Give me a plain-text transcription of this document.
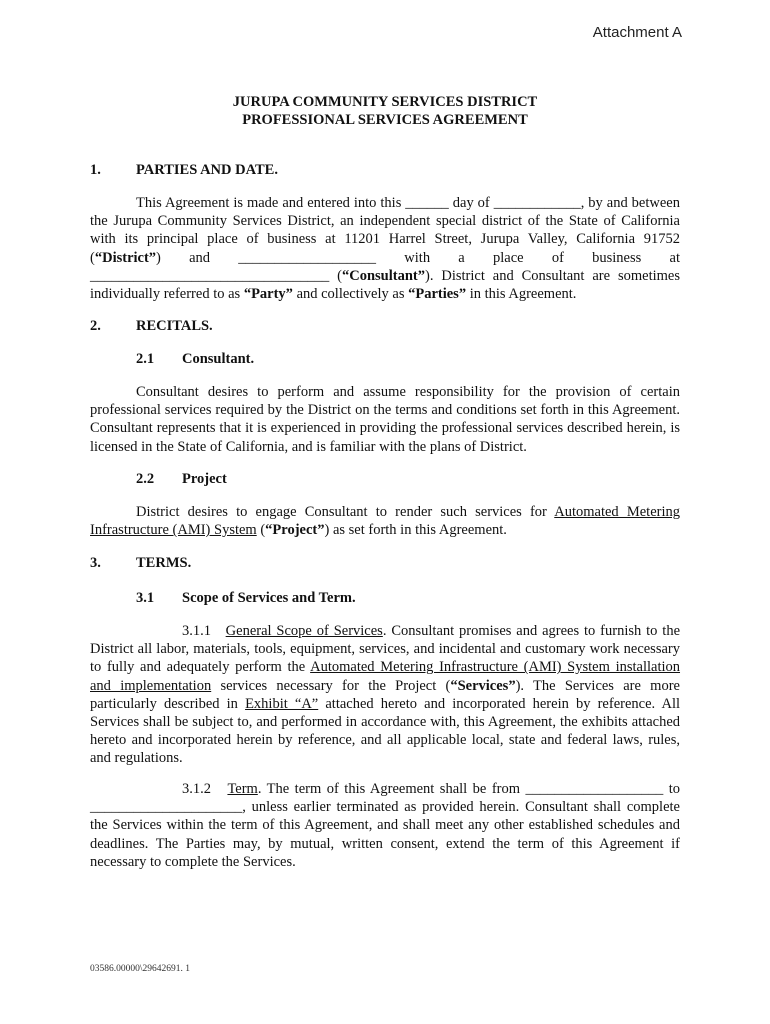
Attachment A
JURUPA COMMUNITY SERVICES DISTRICT
PROFESSIONAL SERVICES AGREEMENT
1. PARTIES AND DATE.

This Agreement is made and entered into this ______ day of ____________, by and between the Jurupa Community Services District, an independent special district of the State of California with its principal place of business at 11201 Harrel Street, Jurupa Valley, California 91752 (“District”) and ___________________ with a place of business at _________________________________ (“Consultant”). District and Consultant are sometimes individually referred to as “Party” and collectively as “Parties” in this Agreement.

2. RECITALS.
2.1 Consultant.

Consultant desires to perform and assume responsibility for the provision of certain professional services required by the District on the terms and conditions set forth in this Agreement. Consultant represents that it is experienced in providing the professional services described herein, is licensed in the State of California, and is familiar with the plans of District.

2.2 Project

District desires to engage Consultant to render such services for Automated Metering Infrastructure (AMI) System (“Project”) as set forth in this Agreement.

3. TERMS.
3.1 Scope of Services and Term.

3.1.1 General Scope of Services. Consultant promises and agrees to furnish to the District all labor, materials, tools, equipment, services, and incidental and customary work necessary to fully and adequately perform the Automated Metering Infrastructure (AMI) System installation and implementation services necessary for the Project (“Services”). The Services are more particularly described in Exhibit “A” attached hereto and incorporated herein by reference. All Services shall be subject to, and performed in accordance with, this Agreement, the exhibits attached hereto and incorporated herein by reference, and all applicable local, state and federal laws, rules, and regulations.

3.1.2 Term. The term of this Agreement shall be from ___________________ to _____________________, unless earlier terminated as provided herein. Consultant shall complete the Services within the term of this Agreement, and shall meet any other established schedules and deadlines. The Parties may, by mutual, written consent, extend the term of this Agreement if necessary to complete the Services.

03586.00000\29642691. 1
